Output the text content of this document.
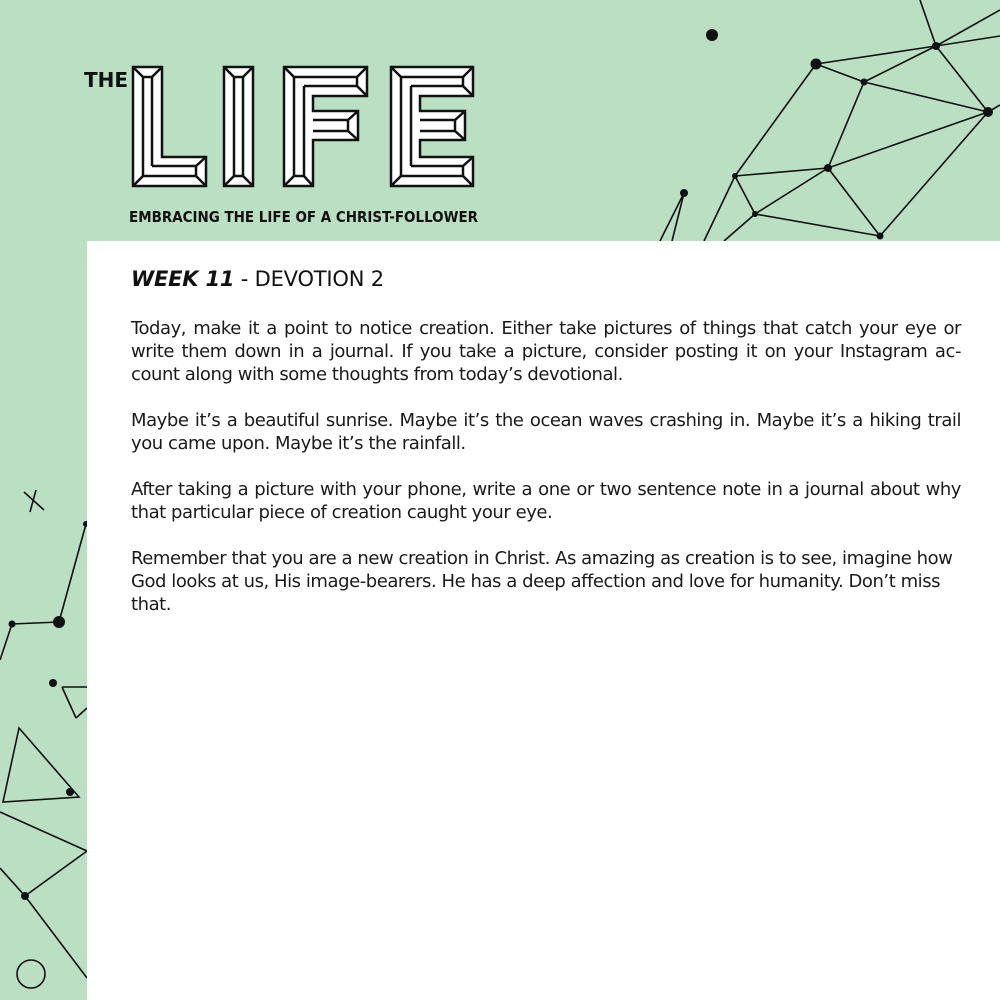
THE
EMBRACING THE LIFE OF A CHRIST-FOLLOWER
WEEK 11 - DEVOTION 2

Today, make it a point to notice creation. Either take pictures of things that catch your eye or write them down in a journal. If you take a picture, consider posting it on your Instagram ac-count along with some thoughts from today’s devotional.

Maybe it’s a beautiful sunrise. Maybe it’s the ocean waves crashing in. Maybe it’s a hiking trail you came upon. Maybe it’s the rainfall.

After taking a picture with your phone, write a one or two sentence note in a journal about why that particular piece of creation caught your eye.

Remember that you are a new creation in Christ. As amazing as creation is to see, imagine how God looks at us, His image-bearers. He has a deep affection and love for humanity. Don’t miss that.
